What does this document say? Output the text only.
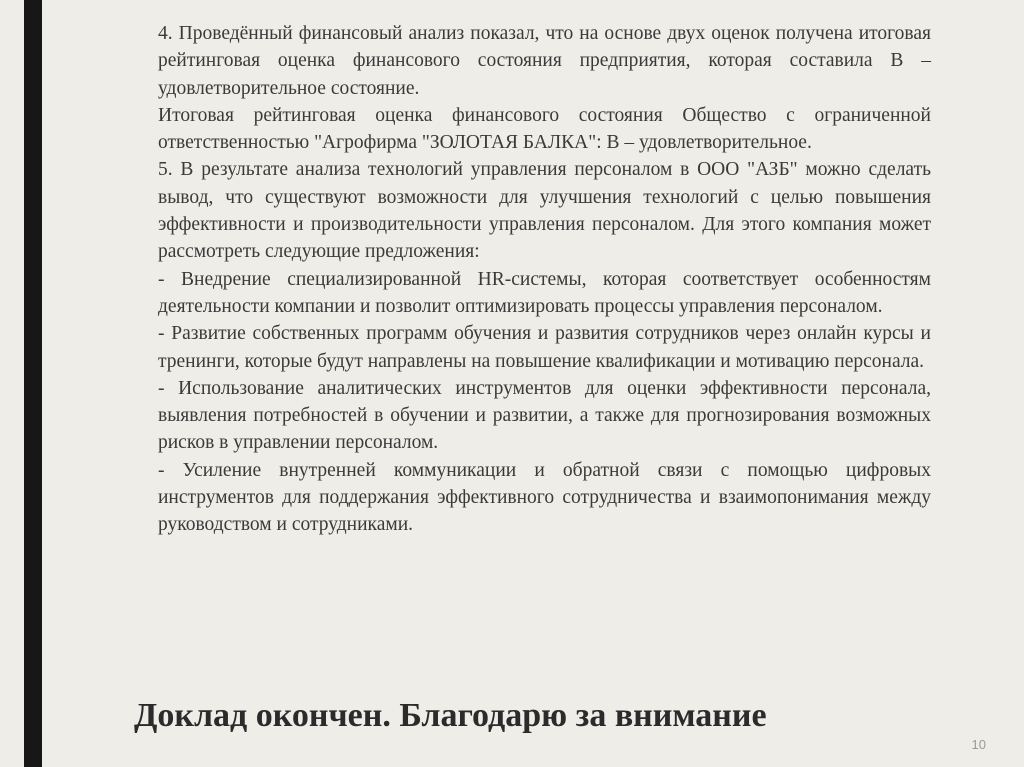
4. Проведённый финансовый анализ показал, что на основе двух оценок получена итоговая рейтинговая оценка финансового состояния предприятия, которая составила B – удовлетворительное состояние.

Итоговая рейтинговая оценка финансового состояния Общество с ограниченной ответственностью "Агрофирма "ЗОЛОТАЯ БАЛКА": B – удовлетворительное.

5. В результате анализа технологий управления персоналом в ООО "АЗБ" можно сделать вывод, что существуют возможности для улучшения технологий с целью повышения эффективности и производительности управления персоналом. Для этого компания может рассмотреть следующие предложения:

- Внедрение специализированной HR-системы, которая соответствует особенностям деятельности компании и позволит оптимизировать процессы управления персоналом.

- Развитие собственных программ обучения и развития сотрудников через онлайн курсы и тренинги, которые будут направлены на повышение квалификации и мотивацию персонала.

- Использование аналитических инструментов для оценки эффективности персонала, выявления потребностей в обучении и развитии, а также для прогнозирования возможных рисков в управлении персоналом.

- Усиление внутренней коммуникации и обратной связи с помощью цифровых инструментов для поддержания эффективного сотрудничества и взаимопонимания между руководством и сотрудниками.

Доклад окончен. Благодарю за внимание
10
